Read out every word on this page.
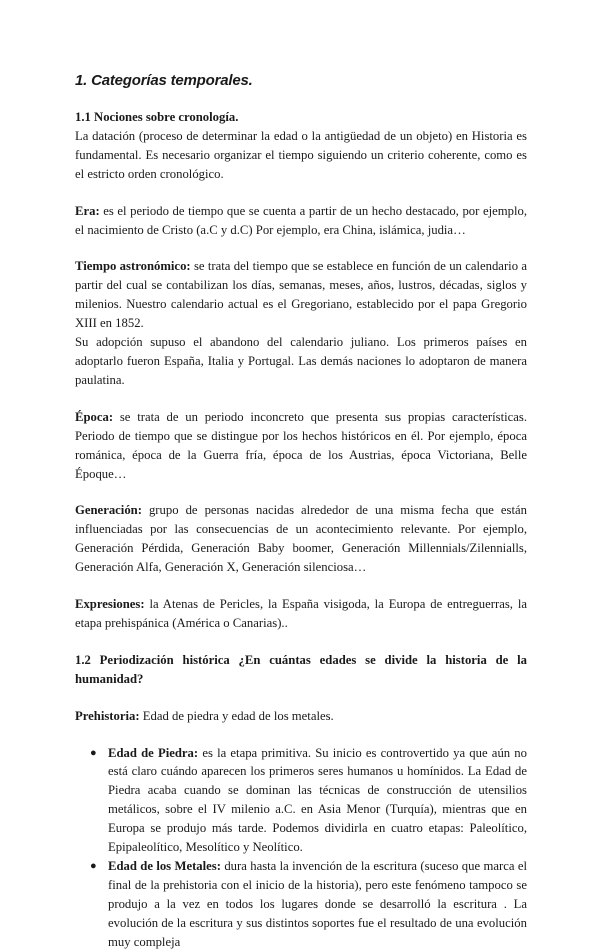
1. Categorías temporales.

1.1 Nociones sobre cronología.

La datación (proceso de determinar la edad o la antigüedad de un objeto) en Historia es fundamental. Es necesario organizar el tiempo siguiendo un criterio coherente, como es el estricto orden cronológico.

Era: es el periodo de tiempo que se cuenta a partir de un hecho destacado, por ejemplo, el nacimiento de Cristo (a.C y d.C) Por ejemplo, era China, islámica, judia…

Tiempo astronómico: se trata del tiempo que se establece en función de un calendario a partir del cual se contabilizan los días, semanas, meses, años, lustros, décadas, siglos y milenios. Nuestro calendario actual es el Gregoriano, establecido por el papa Gregorio XIII en 1852.

Su adopción supuso el abandono del calendario juliano. Los primeros países en adoptarlo fueron España, Italia y Portugal. Las demás naciones lo adoptaron de manera paulatina.

Época: se trata de un periodo inconcreto que presenta sus propias características. Periodo de tiempo que se distingue por los hechos históricos en él. Por ejemplo, época románica, época de la Guerra fría, época de los Austrias, época Victoriana, Belle Époque…

Generación: grupo de personas nacidas alrededor de una misma fecha que están influenciadas por las consecuencias de un acontecimiento relevante. Por ejemplo, Generación Pérdida, Generación Baby boomer, Generación Millennials/Zilennialls, Generación Alfa, Generación X, Generación silenciosa…

Expresiones: la Atenas de Pericles, la España visigoda, la Europa de entreguerras, la etapa prehispánica (América o Canarias)..

1.2 Periodización histórica ¿En cuántas edades se divide la historia de la humanidad?

Prehistoria: Edad de piedra y edad de los metales.

● Edad de Piedra: es la etapa primitiva. Su inicio es controvertido ya que aún no está claro cuándo aparecen los primeros seres humanos u homínidos. La Edad de Piedra acaba cuando se dominan las técnicas de construcción de utensilios metálicos, sobre el IV milenio a.C. en Asia Menor (Turquía), mientras que en Europa se produjo más tarde. Podemos dividirla en cuatro etapas: Paleolítico, Epipaleolítico, Mesolítico y Neolítico.
● Edad de los Metales: dura hasta la invención de la escritura (suceso que marca el final de la prehistoria con el inicio de la historia), pero este fenómeno tampoco se produjo a la vez en todos los lugares donde se desarrolló la escritura . La evolución de la escritura y sus distintos soportes fue el resultado de una evolución muy compleja
